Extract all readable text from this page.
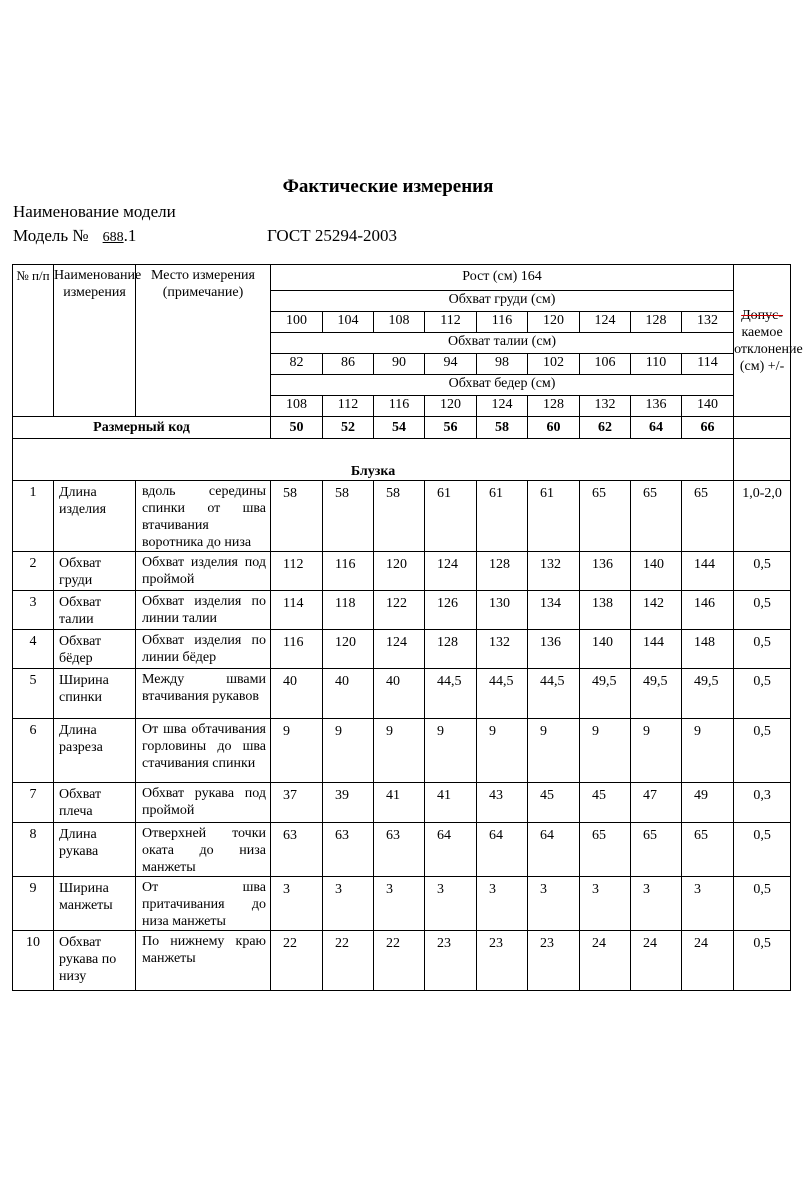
Фактические измерения
Наименование модели
Модель № 688.1	ГОСТ 25294-2003
№ п/п	Наименование измерения	Место измерения (примечание)	Рост (см) 164									Допус-
каемое отклонение (см) +/-
			Обхват груди (см)									
			100	104	108	112	116	120	124	128	132	
			Обхват талии (см)									
			82	86	90	94	98	102	106	110	114	
			Обхват бедер (см)									
			108	112	116	120	124	128	132	136	140	
Размерный код			50	52	54	56	58	60	62	64	66	
Блузка												
1	Длина изделия	вдоль середины спинки от шва втачивания воротника до низа	58	58	58	61	61	61	65	65	65	1,0-2,0
2	Обхват груди	Обхват изделия под проймой	112	116	120	124	128	132	136	140	144	0,5
3	Обхват талии	Обхват изделия по линии талии	114	118	122	126	130	134	138	142	146	0,5
4	Обхват бёдер	Обхват изделия по линии бёдер	116	120	124	128	132	136	140	144	148	0,5
5	Ширина спинки	Между швами втачивания рукавов	40	40	40	44,5	44,5	44,5	49,5	49,5	49,5	0,5
6	Длина разреза	От шва обтачивания горловины до шва стачивания спинки	9	9	9	9	9	9	9	9	9	0,5
7	Обхват плеча	Обхват рукава под проймой	37	39	41	41	43	45	45	47	49	0,3
8	Длина рукава	Отверхней точки оката до низа манжеты	63	63	63	64	64	64	65	65	65	0,5
9	Ширина манжеты	От шва притачивания до низа манжеты	3	3	3	3	3	3	3	3	3	0,5
10	Обхват рукава по низу	По нижнему краю манжеты	22	22	22	23	23	23	24	24	24	0,5
